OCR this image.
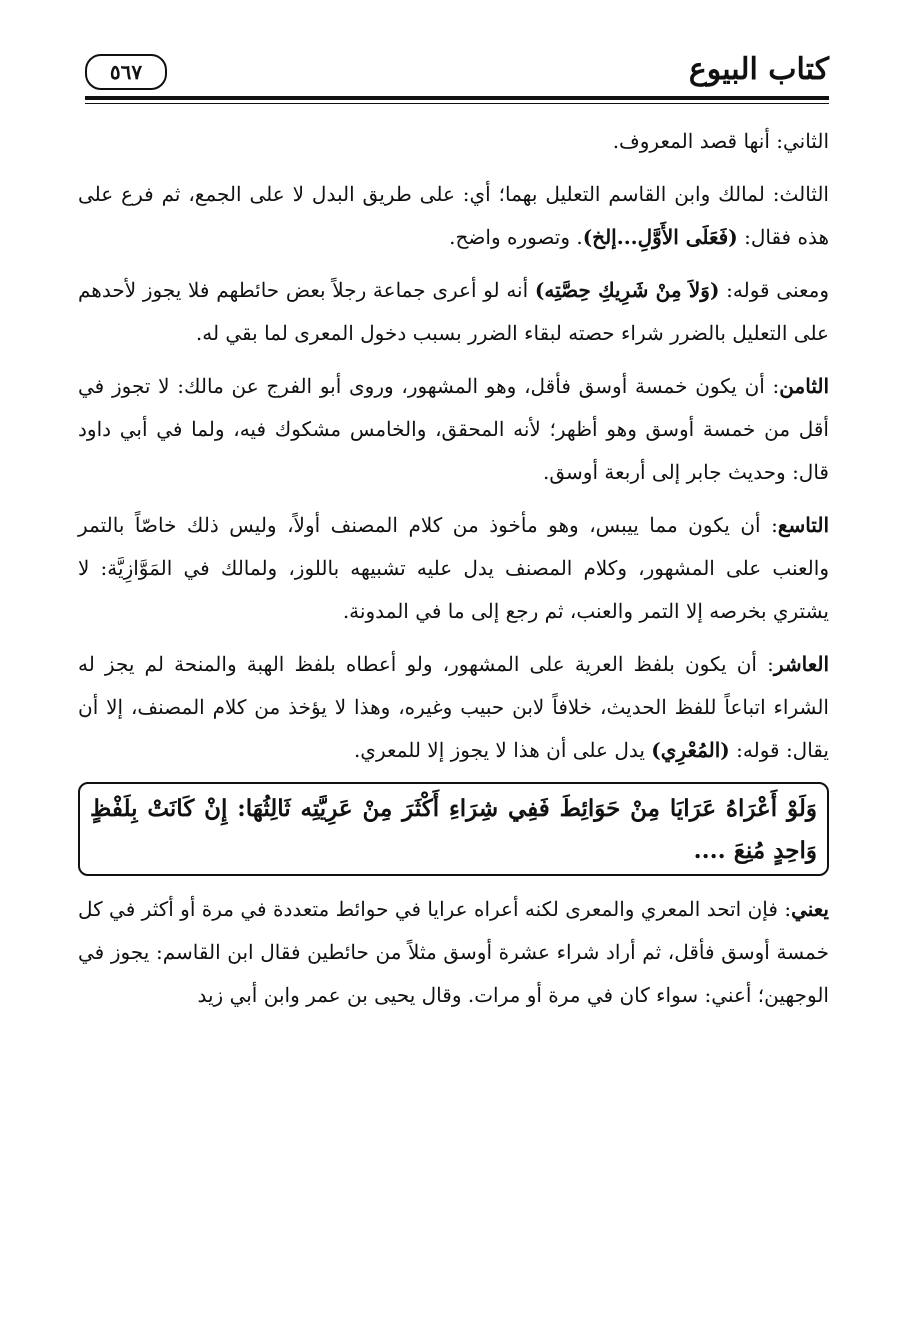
كتاب البيوع
٥٦٧

الثاني: أنها قصد المعروف.

الثالث: لمالك وابن القاسم التعليل بهما؛ أي: على طريق البدل لا على الجمع، ثم فرع على هذه فقال: (فَعَلَى الأَوَّلِ...إلخ). وتصوره واضح.

ومعنى قوله: (وَلاَ مِنْ شَرِيكِ حِصَّتِه) أنه لو أعرى جماعة رجلاً بعض حائطهم فلا يجوز لأحدهم على التعليل بالضرر شراء حصته لبقاء الضرر بسبب دخول المعرى لما بقي له.

الثامن: أن يكون خمسة أوسق فأقل، وهو المشهور، وروى أبو الفرج عن مالك: لا تجوز في أقل من خمسة أوسق وهو أظهر؛ لأنه المحقق، والخامس مشكوك فيه، ولما في أبي داود قال: وحديث جابر إلى أربعة أوسق.

التاسع: أن يكون مما ييبس، وهو مأخوذ من كلام المصنف أولاً، وليس ذلك خاصّاً بالتمر والعنب على المشهور، وكلام المصنف يدل عليه تشبيهه باللوز، ولمالك في المَوَّازِيَّة: لا يشتري بخرصه إلا التمر والعنب، ثم رجع إلى ما في المدونة.

العاشر: أن يكون بلفظ العرية على المشهور، ولو أعطاه بلفظ الهبة والمنحة لم يجز له الشراء اتباعاً للفظ الحديث، خلافاً لابن حبيب وغيره، وهذا لا يؤخذ من كلام المصنف، إلا أن يقال: قوله: (المُعْرِي) يدل على أن هذا لا يجوز إلا للمعري.

وَلَوْ أَعْرَاهُ عَرَايَا مِنْ حَوَائِطَ فَفِي شِرَاءِ أَكْثَرَ مِنْ عَرِيَّتِه ثَالِثُهَا: إِنْ كَانَتْ بِلَفْظٍ وَاحِدٍ مُنِعَ ....

يعني: فإن اتحد المعري والمعرى لكنه أعراه عرايا في حوائط متعددة في مرة أو أكثر في كل خمسة أوسق فأقل، ثم أراد شراء عشرة أوسق مثلاً من حائطين فقال ابن القاسم: يجوز في الوجهين؛ أعني: سواء كان في مرة أو مرات. وقال يحيى بن عمر وابن أبي زيد
